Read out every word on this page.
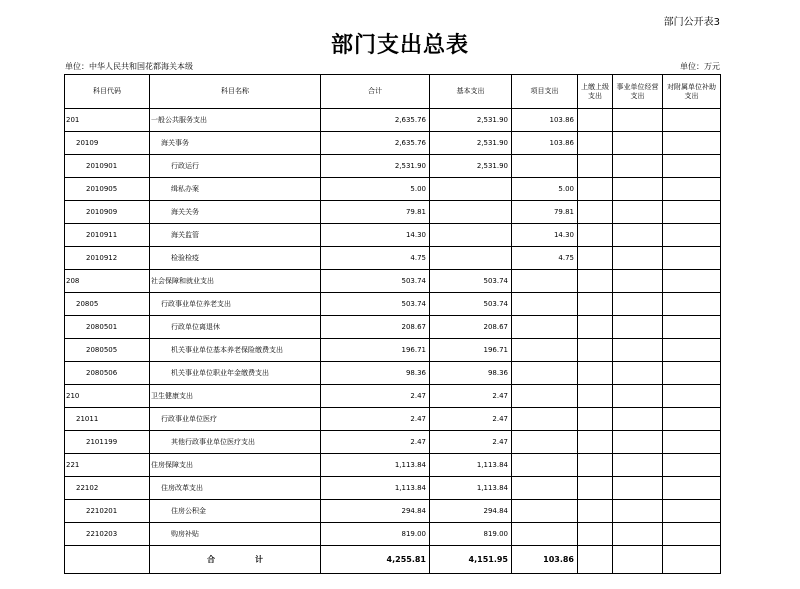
部门公开表3
部门支出总表
单位：中华人民共和国花都海关本级	单位：万元
科目代码	科目名称	合计	基本支出	项目支出	上缴上级支出	事业单位经营支出	对附属单位补助支出
201	一般公共服务支出	2,635.76	2,531.90	103.86			
20109	海关事务	2,635.76	2,531.90	103.86			
2010901	行政运行	2,531.90	2,531.90				
2010905	缉私办案	5.00		5.00			
2010909	海关关务	79.81		79.81			
2010911	海关监管	14.30		14.30			
2010912	检验检疫	4.75		4.75			
208	社会保障和就业支出	503.74	503.74				
20805	行政事业单位养老支出	503.74	503.74				
2080501	行政单位离退休	208.67	208.67				
2080505	机关事业单位基本养老保险缴费支出	196.71	196.71				
2080506	机关事业单位职业年金缴费支出	98.36	98.36				
210	卫生健康支出	2.47	2.47				
21011	行政事业单位医疗	2.47	2.47				
2101199	其他行政事业单位医疗支出	2.47	2.47				
221	住房保障支出	1,113.84	1,113.84				
22102	住房改革支出	1,113.84	1,113.84				
2210201	住房公积金	294.84	294.84				
2210203	购房补贴	819.00	819.00				
	合 计	4,255.81	4,151.95	103.86			
